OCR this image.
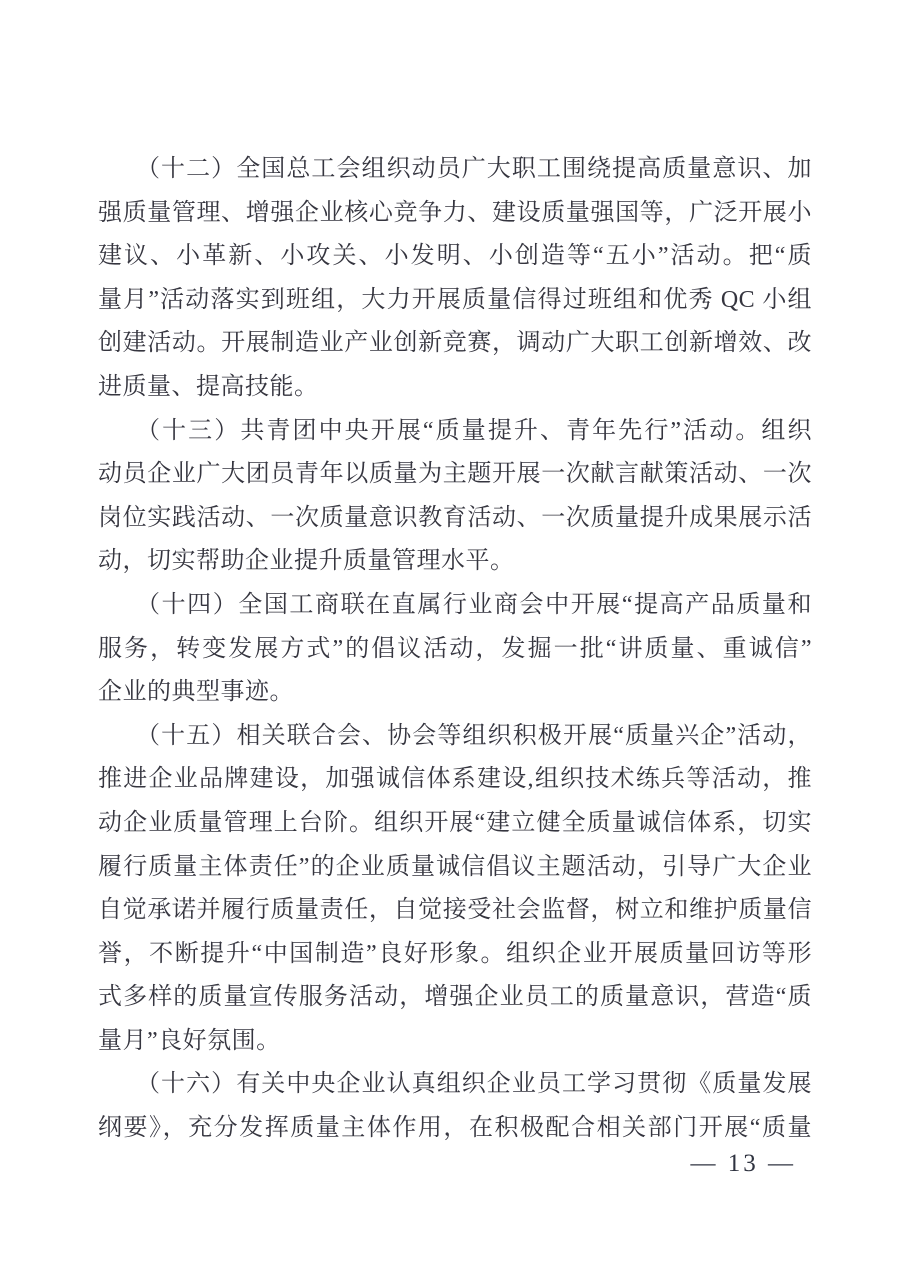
（十二）全国总工会组织动员广大职工围绕提高质量意识、加
强质量管理、增强企业核心竞争力、建设质量强国等，广泛开展小
建议、小革新、小攻关、小发明、小创造等“五小”活动。把“质
量月”活动落实到班组，大力开展质量信得过班组和优秀 QC 小组
创建活动。开展制造业产业创新竞赛，调动广大职工创新增效、改
进质量、提高技能。
（十三）共青团中央开展“质量提升、青年先行”活动。组织
动员企业广大团员青年以质量为主题开展一次献言献策活动、一次
岗位实践活动、一次质量意识教育活动、一次质量提升成果展示活
动，切实帮助企业提升质量管理水平。
（十四）全国工商联在直属行业商会中开展“提高产品质量和
服务，转变发展方式”的倡议活动，发掘一批“讲质量、重诚信”
企业的典型事迹。
（十五）相关联合会、协会等组织积极开展“质量兴企”活动，
推进企业品牌建设，加强诚信体系建设,组织技术练兵等活动，推
动企业质量管理上台阶。组织开展“建立健全质量诚信体系，切实
履行质量主体责任”的企业质量诚信倡议主题活动，引导广大企业
自觉承诺并履行质量责任，自觉接受社会监督，树立和维护质量信
誉，不断提升“中国制造”良好形象。组织企业开展质量回访等形
式多样的质量宣传服务活动，增强企业员工的质量意识，营造“质
量月”良好氛围。
（十六）有关中央企业认真组织企业员工学习贯彻《质量发展
纲要》，充分发挥质量主体作用，在积极配合相关部门开展“质量
— 13 —
